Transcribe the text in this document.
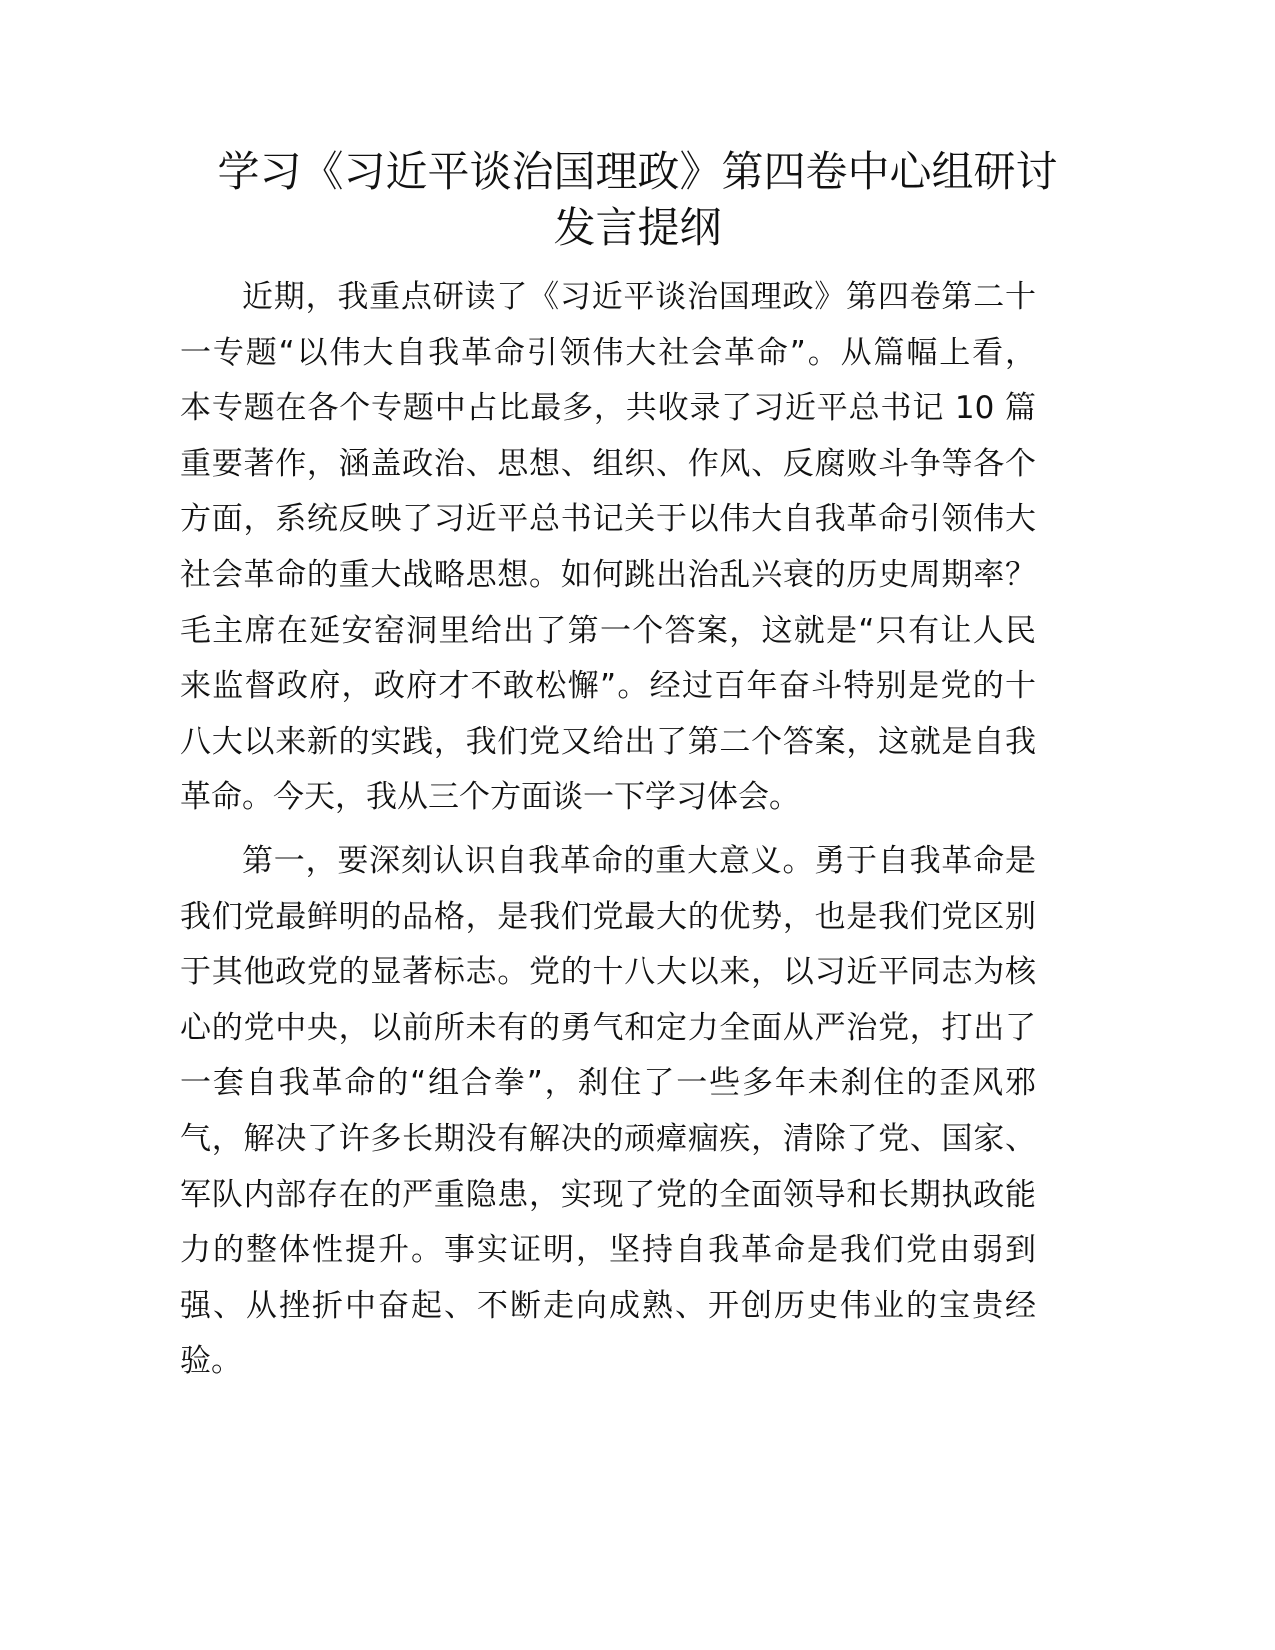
学习《习近平谈治国理政》第四卷中心组研讨
发言提纲
近期，我重点研读了《习近平谈治国理政》第四卷第二十
一专题“以伟大自我革命引领伟大社会革命”。从篇幅上看，
本专题在各个专题中占比最多，共收录了习近平总书记 10 篇
重要著作，涵盖政治、思想、组织、作风、反腐败斗争等各个
方面，系统反映了习近平总书记关于以伟大自我革命引领伟大
社会革命的重大战略思想。如何跳出治乱兴衰的历史周期率？
毛主席在延安窑洞里给出了第一个答案，这就是“只有让人民
来监督政府，政府才不敢松懈”。经过百年奋斗特别是党的十
八大以来新的实践，我们党又给出了第二个答案，这就是自我
革命。今天，我从三个方面谈一下学习体会。
第一，要深刻认识自我革命的重大意义。勇于自我革命是
我们党最鲜明的品格，是我们党最大的优势，也是我们党区别
于其他政党的显著标志。党的十八大以来，以习近平同志为核
心的党中央，以前所未有的勇气和定力全面从严治党，打出了
一套自我革命的“组合拳”，刹住了一些多年未刹住的歪风邪
气，解决了许多长期没有解决的顽瘴痼疾，清除了党、国家、
军队内部存在的严重隐患，实现了党的全面领导和长期执政能
力的整体性提升。事实证明，坚持自我革命是我们党由弱到
强、从挫折中奋起、不断走向成熟、开创历史伟业的宝贵经
验。
